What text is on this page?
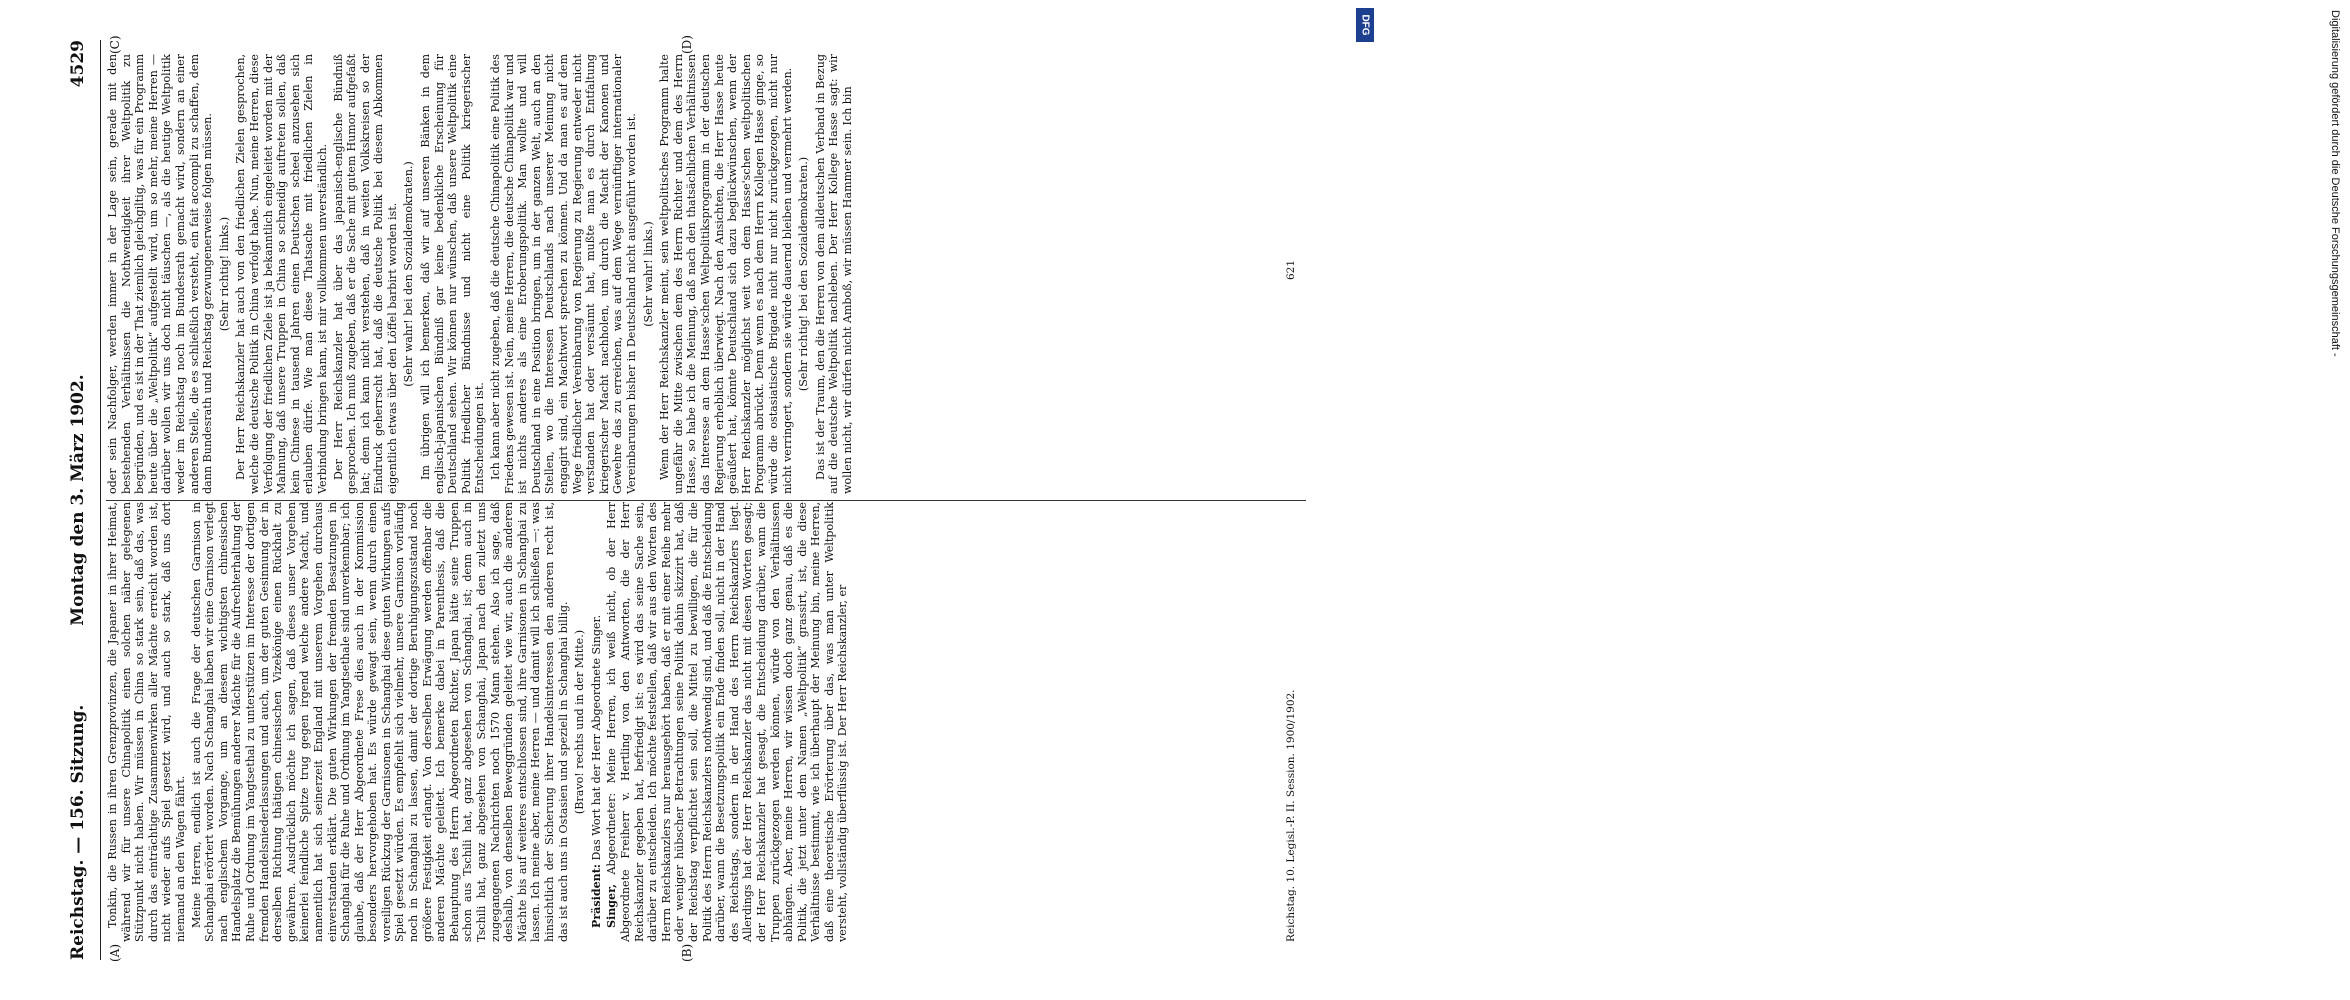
Reichstag. — 156. Sitzung.
Montag den 3. März 1902.
4529

Tonkin, die Russen in ihren Grenzprovinzen, die Japaner in ihrer Heimat, während wir für unsere Chinapolitik einen solchen näher gelegenen Stützpunkt nicht haben. Wir müssen in China so stark sein, daß das, was durch das einträchtige Zusammenwirken aller Mächte erreicht worden ist, nicht wieder aufs Spiel gesetzt wird, und auch so stark, daß uns dort niemand an den Wagen fährt. Meine Herren, endlich ist auch die Frage der deutschen Garnison in Schanghai erörtert worden. Nach Schanghai haben wir eine Garnison verlegt nach englischem Vorgange, um an diesem wichtigsten chinesischen Handelsplatz die Bemühungen anderer Mächte für die Aufrechterhaltung der Ruhe und Ordnung im Yangtsethal zu unterstützen im Interesse der dortigen fremden Handelsniederlassungen und auch, um der guten Gesinnung der in derselben Richtung thätigen chinesischen Vizekönige einen Rückhalt zu gewähren. Ausdrücklich möchte ich sagen, daß dieses unser Vorgehen keinerlei feindliche Spitze trug gegen irgend welche andere Macht, und namentlich hat sich seinerzeit England mit unserem Vorgehen durchaus einverstanden erklärt. Die guten Wirkungen der fremden Besatzungen in Schanghai für die Ruhe und Ordnung im Yangtsethale sind unverkennbar; ich glaube, daß der Herr Abgeordnete Frese dies auch in der Kommission besonders hervorgehoben hat. Es würde gewagt sein, wenn durch einen voreiligen Rückzug der Garnisonen in Schanghai diese guten Wirkungen aufs Spiel gesetzt würden. Es empfiehlt sich vielmehr, unsere Garnison vorläufig noch in Schanghai zu lassen, damit der dortige Beruhigungszustand noch größere Festigkeit erlangt. Von derselben Erwägung werden offenbar die anderen Mächte geleitet. Ich bemerke dabei in Parenthesis, daß die Behauptung des Herrn Abgeordneten Richter, Japan hätte seine Truppen schon aus Tschili hat, ganz abgesehen von Schanghai, ist; denn auch in Tschili hat, ganz abgesehen von Schanghai, Japan nach den zuletzt uns zugegangenen Nachrichten noch 1570 Mann stehen. Also ich sage, daß deshalb, von denselben Beweggründen geleitet wie wir, auch die anderen Mächte bis auf weiteres entschlossen sind, ihre Garnisonen in Schanghai zu lassen. Ich meine aber, meine Herren — und damit will ich schließen —: was hinsichtlich der Sicherung ihrer Handelsinteressen den anderen recht ist, das ist auch uns in Ostasien und speziell in Schanghai billig. (Bravo! rechts und in der Mitte.)

Präsident: Das Wort hat der Herr Abgeordnete Singer.

Singer, Abgeordneter: Meine Herren, ich weiß nicht, ob der Herr Abgeordnete Freiherr v. Hertling von den Antworten, die der Herr Reichskanzler gegeben hat, befriedigt ist: es wird das seine Sache sein, darüber zu entscheiden. Ich möchte feststellen, daß wir aus den Worten des Herrn Reichskanzlers nur herausgehört haben, daß er mit einer Reihe mehr oder weniger hübscher Betrachtungen seine Politik dahin skizzirt hat, daß der Reichstag verpflichtet sein soll, die Mittel zu bewilligen, die für die Politik des Herrn Reichskanzlers nothwendig sind, und daß die Entscheidung darüber, wann die Besetzungspolitik ein Ende finden soll, nicht in der Hand des Reichstags, sondern in der Hand des Herrn Reichskanzlers liegt. Allerdings hat der Herr Reichskanzler das nicht mit diesen Worten gesagt; der Herr Reichskanzler hat gesagt, die Entscheidung darüber, wann die Truppen zurückgezogen werden können, würde von den Verhältnissen abhängen. Aber, meine Herren, wir wissen doch ganz genau, daß es die Politik, die jetzt unter dem Namen „Weltpolitik“ grassirt, ist, die diese Verhältnisse bestimmt, wie ich überhaupt der Meinung bin, meine Herren, daß eine theoretische Erörterung über das, was man unter Weltpolitik versteht, vollständig überflüssig ist. Der Herr Reichskanzler, er

oder sein Nachfolger, werden immer in der Lage sein, gerade mit den bestehenden Verhältnissen die Nothwendigkeit ihrer Weltpolitik zu begründen, und es ist in der That ziemlich gleichgiltig, was für ein Programm heute über die „Weltpolitik“ aufgestellt wird, um so mehr, meine Herren — darüber wollen wir uns doch nicht täuschen —, als die heutige Weltpolitik weder im Reichstag noch im Bundesrath gemacht wird, sondern an einer anderen Stelle, die es schließlich versteht, ein fait accompli zu schaffen, dem dann Bundesrath und Reichstag gezwungenerweise folgen müssen. (Sehr richtig! links.) Der Herr Reichskanzler hat auch von den friedlichen Zielen gesprochen, welche die deutsche Politik in China verfolgt habe. Nun, meine Herren, diese Verfolgung der friedlichen Ziele ist ja bekanntlich eingeleitet worden mit der Mahnung, daß unsere Truppen in China so schneidig auftreten sollen, daß kein Chinese in tausend Jahren einen Deutschen scheel anzusehen sich erlauben dürfe. Wie man diese Thatsache mit friedlichen Zielen in Verbindung bringen kann, ist mir vollkommen unverständlich. Der Herr Reichskanzler hat über das japanisch-englische Bündniß gesprochen. Ich muß zugeben, daß er die Sache mit gutem Humor aufgefaßt hat; denn ich kann nicht verstehen, daß in weiten Volkskreisen so der Eindruck geherrscht hat, daß die deutsche Politik bei diesem Abkommen eigentlich etwas über den Löffel barbirt worden ist. (Sehr wahr! bei den Sozialdemokraten.) Im übrigen will ich bemerken, daß wir auf unseren Bänken in dem englisch-japanischen Bündniß gar keine bedenkliche Erscheinung für Deutschland sehen. Wir können nur wünschen, daß unsere Weltpolitik eine Politik friedlicher Bündnisse und nicht eine Politik kriegerischer Entscheidungen ist. Ich kann aber nicht zugeben, daß die deutsche Chinapolitik eine Politik des Friedens gewesen ist. Nein, meine Herren, die deutsche Chinapolitik war und ist nichts anderes als eine Eroberungspolitik. Man wollte und will Deutschland in eine Position bringen, um in der ganzen Welt, auch an den Stellen, wo die Interessen Deutschlands nach unserer Meinung nicht engagirt sind, ein Machtwort sprechen zu können. Und da man es auf dem Wege friedlicher Vereinbarung von Regierung zu Regierung entweder nicht verstanden hat oder versäumt hat, mußte man es durch Entfaltung kriegerischer Macht nachholen, um durch die Macht der Kanonen und Gewehre das zu erreichen, was auf dem Wege vernünftiger internationaler Vereinbarungen bisher in Deutschland nicht ausgeführt worden ist. (Sehr wahr! links.) Wenn der Herr Reichskanzler meint, sein weltpolitisches Programm halte ungefähr die Mitte zwischen dem des Herrn Richter und dem des Herrn Hasse, so habe ich die Meinung, daß nach den thatsächlichen Verhältnissen das Interesse an dem Hasse'schen Weltpolitiksprogramm in der deutschen Regierung erheblich überwiegt. Nach den Ansichten, die Herr Hasse heute geäußert hat, könnte Deutschland sich dazu beglückwünschen, wenn der Herr Reichskanzler möglichst weit von dem Hasse'schen weltpolitischen Programm abrückt. Denn wenn es nach dem Herrn Kollegen Hasse ginge, so würde die ostasiatische Brigade nicht nur nicht zurückgezogen, nicht nur nicht verringert, sondern sie würde dauernd bleiben und vermehrt werden. (Sehr richtig! bei den Sozialdemokraten.) Das ist der Traum, den die Herren von dem alldeutschen Verband in Bezug auf die deutsche Weltpolitik nachleben. Der Herr Kollege Hasse sagt: wir wollen nicht, wir dürfen nicht Amboß, wir müssen Hammer sein. Ich bin

(A)	(B)
(C)	(D)
Reichstag. 10. Legisl.-P. II. Session. 1900/1902.
621	Digitalisierung gefördert durch die Deutsche Forschungsgemeinschaft -
DFG
